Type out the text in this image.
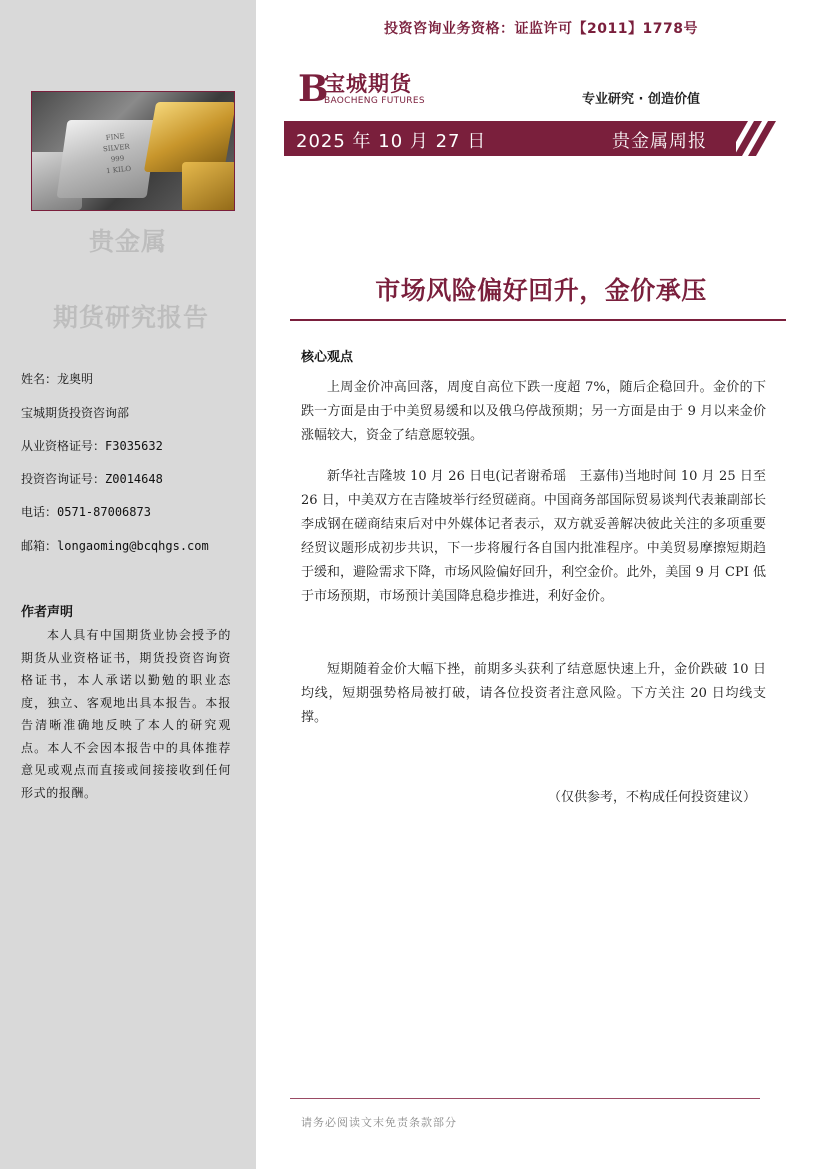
FINE
SILVER
999
1 KILO
贵金属
期货研究报告
姓名：龙奥明
宝城期货投资咨询部
从业资格证号：F3035632
投资咨询证号：Z0014648
电话：0571-87006873
邮箱：longaoming@bcqhgs.com
作者声明
本人具有中国期货业协会授予的期货从业资格证书，期货投资咨询资格证书，本人承诺以勤勉的职业态度，独立、客观地出具本报告。本报告清晰准确地反映了本人的研究观点。本人不会因本报告中的具体推荐意见或观点而直接或间接接收到任何形式的报酬。
投资咨询业务资格：证监许可【2011】1778号
B
宝城期货
BAOCHENG FUTURES	专业研究 · 创造价值
2025 年 10 月 27 日	贵金属周报
市场风险偏好回升，金价承压
核心观点

上周金价冲高回落，周度自高位下跌一度超 7%，随后企稳回升。金价的下跌一方面是由于中美贸易缓和以及俄乌停战预期；另一方面是由于 9 月以来金价涨幅较大，资金了结意愿较强。

新华社吉隆坡 10 月 26 日电(记者谢希瑶　王嘉伟)当地时间 10 月 25 日至 26 日，中美双方在吉隆坡举行经贸磋商。中国商务部国际贸易谈判代表兼副部长李成钢在磋商结束后对中外媒体记者表示，双方就妥善解决彼此关注的多项重要经贸议题形成初步共识，下一步将履行各自国内批准程序。中美贸易摩擦短期趋于缓和，避险需求下降，市场风险偏好回升，利空金价。此外，美国 9 月 CPI 低于市场预期，市场预计美国降息稳步推进，利好金价。

短期随着金价大幅下挫，前期多头获利了结意愿快速上升，金价跌破 10 日均线，短期强势格局被打破，请各位投资者注意风险。下方关注 20 日均线支撑。

（仅供参考，不构成任何投资建议）
请务必阅读文末免责条款部分
